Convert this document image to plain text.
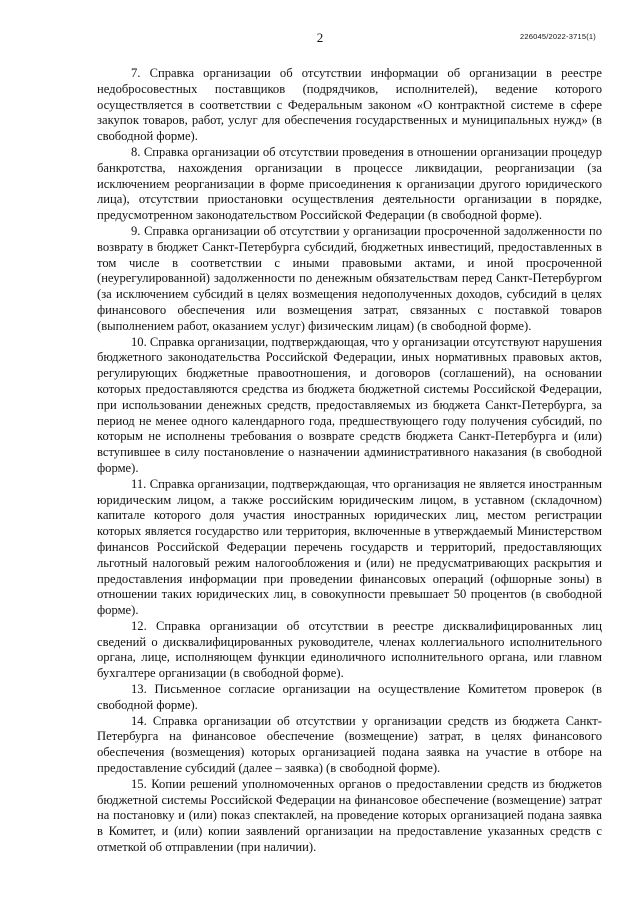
2	226045/2022-3715(1)

7. Справка организации об отсутствии информации об организации в реестре недобросовестных поставщиков (подрядчиков, исполнителей), ведение которого осуществляется в соответствии с Федеральным законом «О контрактной системе в сфере закупок товаров, работ, услуг для обеспечения государственных и муниципальных нужд» (в свободной форме).

8. Справка организации об отсутствии проведения в отношении организации процедур банкротства, нахождения организации в процессе ликвидации, реорганизации (за исключением реорганизации в форме присоединения к организации другого юридического лица), отсутствии приостановки осуществления деятельности организации в порядке, предусмотренном законодательством Российской Федерации (в свободной форме).

9. Справка организации об отсутствии у организации просроченной задолженности по возврату в бюджет Санкт-Петербурга субсидий, бюджетных инвестиций, предоставленных в том числе в соответствии с иными правовыми актами, и иной просроченной (неурегулированной) задолженности по денежным обязательствам перед Санкт-Петербургом (за исключением субсидий в целях возмещения недополученных доходов, субсидий в целях финансового обеспечения или возмещения затрат, связанных с поставкой товаров (выполнением работ, оказанием услуг) физическим лицам) (в свободной форме).

10. Справка организации, подтверждающая, что у организации отсутствуют нарушения бюджетного законодательства Российской Федерации, иных нормативных правовых актов, регулирующих бюджетные правоотношения, и договоров (соглашений), на основании которых предоставляются средства из бюджета бюджетной системы Российской Федерации, при использовании денежных средств, предоставляемых из бюджета Санкт-Петербурга, за период не менее одного календарного года, предшествующего году получения субсидий, по которым не исполнены требования о возврате средств бюджета Санкт-Петербурга и (или) вступившее в силу постановление о назначении административного наказания (в свободной форме).

11. Справка организации, подтверждающая, что организация не является иностранным юридическим лицом, а также российским юридическим лицом, в уставном (складочном) капитале которого доля участия иностранных юридических лиц, местом регистрации которых является государство или территория, включенные в утверждаемый Министерством финансов Российской Федерации перечень государств и территорий, предоставляющих льготный налоговый режим налогообложения и (или) не предусматривающих раскрытия и предоставления информации при проведении финансовых операций (офшорные зоны) в отношении таких юридических лиц, в совокупности превышает 50 процентов (в свободной форме).

12. Справка организации об отсутствии в реестре дисквалифицированных лиц сведений о дисквалифицированных руководителе, членах коллегиального исполнительного органа, лице, исполняющем функции единоличного исполнительного органа, или главном бухгалтере организации (в свободной форме).

13. Письменное согласие организации на осуществление Комитетом проверок (в свободной форме).

14. Справка организации об отсутствии у организации средств из бюджета Санкт-Петербурга на финансовое обеспечение (возмещение) затрат, в целях финансового обеспечения (возмещения) которых организацией подана заявка на участие в отборе на предоставление субсидий (далее – заявка) (в свободной форме).

15. Копии решений уполномоченных органов о предоставлении средств из бюджетов бюджетной системы Российской Федерации на финансовое обеспечение (возмещение) затрат на постановку и (или) показ спектаклей, на проведение которых организацией подана заявка в Комитет, и (или) копии заявлений организации на предоставление указанных средств с отметкой об отправлении (при наличии).
